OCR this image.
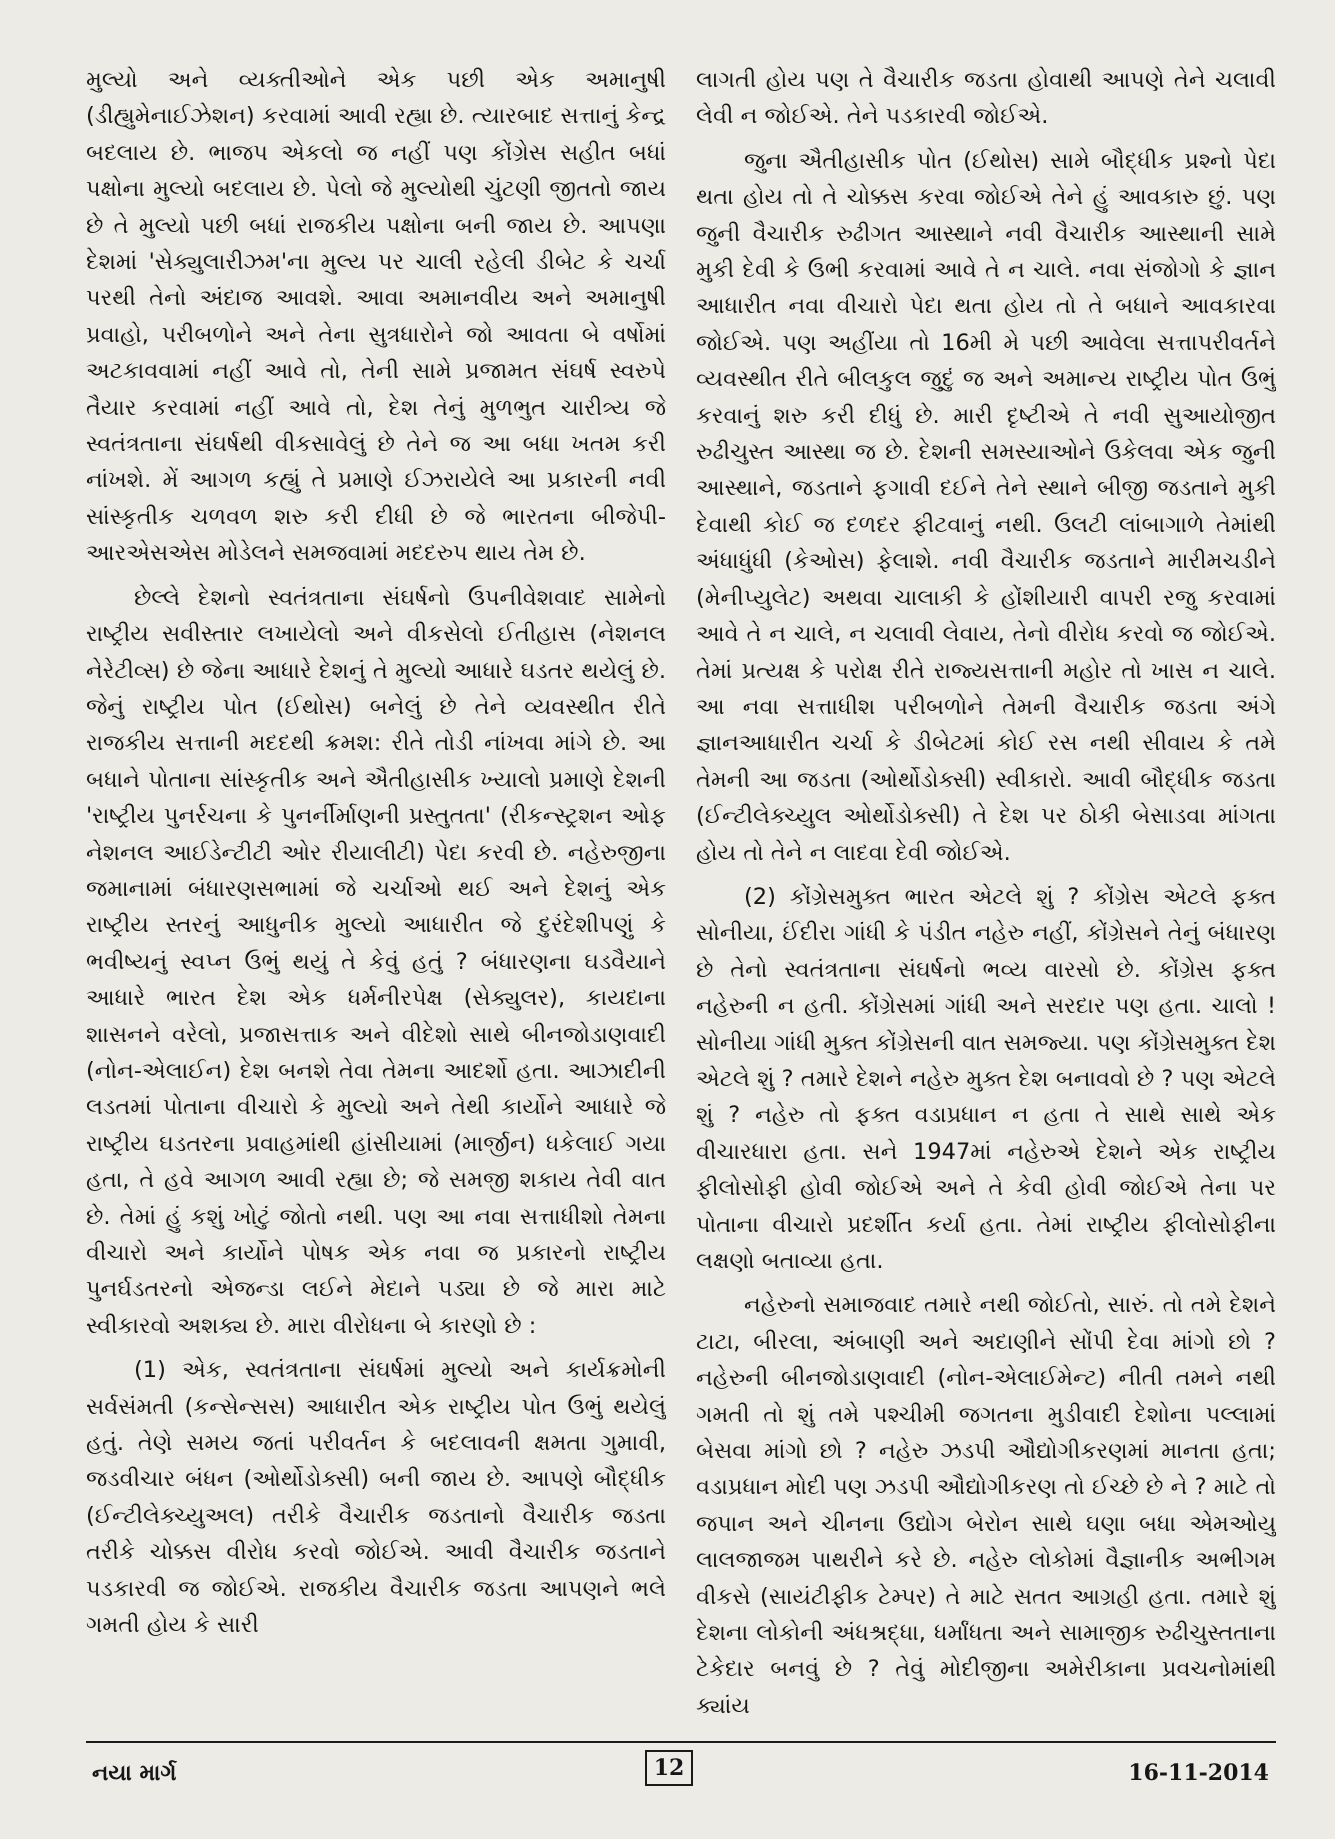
મુલ્યો અને વ્યક્તીઓને એક પછી એક અમાનુષી (ડીહ્યુમેનાઈઝેશન) કરવામાં આવી રહ્યા છે. ત્યારબાદ સત્તાનું કેન્દ્ર બદલાય છે. ભાજપ એકલો જ નહીં પણ કોંગ્રેસ સહીત બધાં પક્ષોના મુલ્યો બદલાય છે. પેલો જે મુલ્યોથી ચુંટણી જીતતો જાય છે તે મુલ્યો પછી બધાં રાજકીય પક્ષોના બની જાય છે. આપણા દેશમાં 'સેક્યુલારીઝમ'ના મુલ્ય પર ચાલી રહેલી ડીબેટ કે ચર્ચા પરથી તેનો અંદાજ આવશે. આવા અમાનવીય અને અમાનુષી પ્રવાહો, પરીબળોને અને તેના સુત્રધારોને જો આવતા બે વર્ષોમાં અટકાવવામાં નહીં આવે તો, તેની સામે પ્રજામત સંઘર્ષ સ્વરુપે તૈયાર કરવામાં નહીં આવે તો, દેશ તેનું મુળભુત ચારીત્ર્ય જે સ્વતંત્રતાના સંઘર્ષથી વીકસાવેલું છે તેને જ આ બધા ખતમ કરી નાંખશે. મેં આગળ કહ્યું તે પ્રમાણે ઈઝરાયેલે આ પ્રકારની નવી સાંસ્કૃતીક ચળવળ શરુ કરી દીધી છે જે ભારતના બીજેપી-આરએસએસ મોડેલને સમજવામાં મદદરુપ થાય તેમ છે.

છેલ્લે દેશનો સ્વતંત્રતાના સંઘર્ષનો ઉપનીવેશવાદ સામેનો રાષ્ટ્રીય સવીસ્તાર લખાયેલો અને વીકસેલો ઈતીહાસ (નેશનલ નેરેટીવ્સ) છે જેના આધારે દેશનું તે મુલ્યો આધારે ઘડતર થયેલું છે. જેનું રાષ્ટ્રીય પોત (ઈથોસ) બનેલું છે તેને વ્યવસ્થીત રીતે રાજકીય સત્તાની મદદથી ક્રમશ: રીતે તોડી નાંખવા માંગે છે. આ બધાને પોતાના સાંસ્કૃતીક અને ઐતીહાસીક ખ્યાલો પ્રમાણે દેશની 'રાષ્ટ્રીય પુનર્રચના કે પુનર્નીર્માણની પ્રસ્તુતતા' (રીકન્સ્ટ્રશન ઓફ નેશનલ આઈડેન્ટીટી ઓર રીયાલીટી) પેદા કરવી છે. નહેરુજીના જમાનામાં બંધારણસભામાં જે ચર્ચાઓ થઈ અને દેશનું એક રાષ્ટ્રીય સ્તરનું આધુનીક મુલ્યો આધારીત જે દુરંદેશીપણું કે ભવીષ્યનું સ્વપ્ન ઉભું થયું તે કેવું હતું ? બંધારણના ઘડવૈયાને આધારે ભારત દેશ એક ધર્મનીરપેક્ષ (સેક્યુલર), કાયદાના શાસનને વરેલો, પ્રજાસત્તાક અને વીદેશો સાથે બીનજોડાણવાદી (નોન-એલાઈન) દેશ બનશે તેવા તેમના આદર્શો હતા. આઝાદીની લડતમાં પોતાના વીચારો કે મુલ્યો અને તેથી કાર્યોને આધારે જે રાષ્ટ્રીય ઘડતરના પ્રવાહમાંથી હાંસીયામાં (માર્જીન) ધકેલાઈ ગયા હતા, તે હવે આગળ આવી રહ્યા છે; જે સમજી શકાય તેવી વાત છે. તેમાં હું કશું ખોટું જોતો નથી. પણ આ નવા સત્તાધીશો તેમના વીચારો અને કાર્યોને પોષક એક નવા જ પ્રકારનો રાષ્ટ્રીય પુનર્ઘડતરનો એજન્ડા લઈને મેદાને પડ્યા છે જે મારા માટે સ્વીકારવો અશક્ય છે. મારા વીરોધના બે કારણો છે :

(1) એક, સ્વતંત્રતાના સંઘર્ષમાં મુલ્યો અને કાર્યક્રમોની સર્વસંમતી (કન્સેન્સસ) આધારીત એક રાષ્ટ્રીય પોત ઉભું થયેલું હતું. તેણે સમય જતાં પરીવર્તન કે બદલાવની ક્ષમતા ગુમાવી, જડવીચાર બંધન (ઓર્થોડોક્સી) બની જાય છે. આપણે બૌદ્ધીક (ઈન્ટીલેક્ચ્યુઅલ) તરીકે વૈચારીક જડતાનો વૈચારીક જડતા તરીકે ચોક્કસ વીરોધ કરવો જોઈએ. આવી વૈચારીક જડતાને પડકારવી જ જોઈએ. રાજકીય વૈચારીક જડતા આપણને ભલે ગમતી હોય કે સારી

લાગતી હોય પણ તે વૈચારીક જડતા હોવાથી આપણે તેને ચલાવી લેવી ન જોઈએ. તેને પડકારવી જોઈએ.

જુના ઐતીહાસીક પોત (ઈથોસ) સામે બૌદ્ધીક પ્રશ્નો પેદા થતા હોય તો તે ચોક્કસ કરવા જોઈએ તેને હું આવકારુ છું. પણ જુની વૈચારીક રુઢીગત આસ્થાને નવી વૈચારીક આસ્થાની સામે મુકી દેવી કે ઉભી કરવામાં આવે તે ન ચાલે. નવા સંજોગો કે જ્ઞાન આધારીત નવા વીચારો પેદા થતા હોય તો તે બધાને આવકારવા જોઈએ. પણ અહીંયા તો 16મી મે પછી આવેલા સત્તાપરીવર્તને વ્યવસ્થીત રીતે બીલકુલ જુદું જ અને અમાન્ય રાષ્ટ્રીય પોત ઉભું કરવાનું શરુ કરી દીધું છે. મારી દૃષ્ટીએ તે નવી સુઆયોજીત રુઢીચુસ્ત આસ્થા જ છે. દેશની સમસ્યાઓને ઉકેલવા એક જુની આસ્થાને, જડતાને ફગાવી દઈને તેને સ્થાને બીજી જડતાને મુકી દેવાથી કોઈ જ દળદર ફીટવાનું નથી. ઉલટી લાંબાગાળે તેમાંથી અંધાધુંધી (કેઓસ) ફેલાશે. નવી વૈચારીક જડતાને મારીમચડીને (મેનીપ્યુલેટ) અથવા ચાલાકી કે હોંશીયારી વાપરી રજુ કરવામાં આવે તે ન ચાલે, ન ચલાવી લેવાય, તેનો વીરોધ કરવો જ જોઈએ. તેમાં પ્રત્યક્ષ કે પરોક્ષ રીતે રાજ્યસત્તાની મહોર તો ખાસ ન ચાલે. આ નવા સત્તાધીશ પરીબળોને તેમની વૈચારીક જડતા અંગે જ્ઞાનઆધારીત ચર્ચા કે ડીબેટમાં કોઈ રસ નથી સીવાય કે તમે તેમની આ જડતા (ઓર્થોડોક્સી) સ્વીકારો. આવી બૌદ્ધીક જડતા (ઈન્ટીલેક્ચ્યુલ ઓર્થોડોક્સી) તે દેશ પર ઠોકી બેસાડવા માંગતા હોય તો તેને ન લાદવા દેવી જોઈએ.

(2) કોંગ્રેસમુક્ત ભારત એટલે શું ? કોંગ્રેસ એટલે ફક્ત સોનીયા, ઈંદીરા ગાંધી કે પંડીત નહેરુ નહીં, કોંગ્રેસને તેનું બંધારણ છે તેનો સ્વતંત્રતાના સંઘર્ષનો ભવ્ય વારસો છે. કોંગ્રેસ ફક્ત નહેરુની ન હતી. કોંગ્રેસમાં ગાંધી અને સરદાર પણ હતા. ચાલો ! સોનીયા ગાંધી મુક્ત કોંગ્રેસની વાત સમજ્યા. પણ કોંગ્રેસમુક્ત દેશ એટલે શું ? તમારે દેશને નહેરુ મુક્ત દેશ બનાવવો છે ? પણ એટલે શું ? નહેરુ તો ફક્ત વડાપ્રધાન ન હતા તે સાથે સાથે એક વીચારધારા હતા. સને 1947માં નહેરુએ દેશને એક રાષ્ટ્રીય ફીલોસોફી હોવી જોઈએ અને તે કેવી હોવી જોઈએ તેના પર પોતાના વીચારો પ્રદર્શીત કર્યા હતા. તેમાં રાષ્ટ્રીય ફીલોસોફીના લક્ષણો બતાવ્યા હતા.

નહેરુનો સમાજવાદ તમારે નથી જોઈતો, સારું. તો તમે દેશને ટાટા, બીરલા, અંબાણી અને અદાણીને સોંપી દેવા માંગો છો ? નહેરુની બીનજોડાણવાદી (નોન-એલાઈમેન્ટ) નીતી તમને નથી ગમતી તો શું તમે પશ્ચીમી જગતના મુડીવાદી દેશોના પલ્લામાં બેસવા માંગો છો ? નહેરુ ઝડપી ઔદ્યોગીકરણમાં માનતા હતા; વડાપ્રધાન મોદી પણ ઝડપી ઔદ્યોગીકરણ તો ઈચ્છે છે ને ? માટે તો જપાન અને ચીનના ઉદ્યોગ બેરોન સાથે ઘણા બધા એમઓયુ લાલજાજમ પાથરીને કરે છે. નહેરુ લોકોમાં વૈજ્ઞાનીક અભીગમ વીકસે (સાયંટીફીક ટેમ્પર) તે માટે સતત આગ્રહી હતા. તમારે શું દેશના લોકોની અંધશ્રદ્ધા, ધર્માંધતા અને સામાજીક રુઢીચુસ્તતાના ટેકેદાર બનવું છે ? તેવું મોદીજીના અમેરીકાના પ્રવચનોમાંથી ક્યાંય

નયા માર્ગ	12	16-11-2014
